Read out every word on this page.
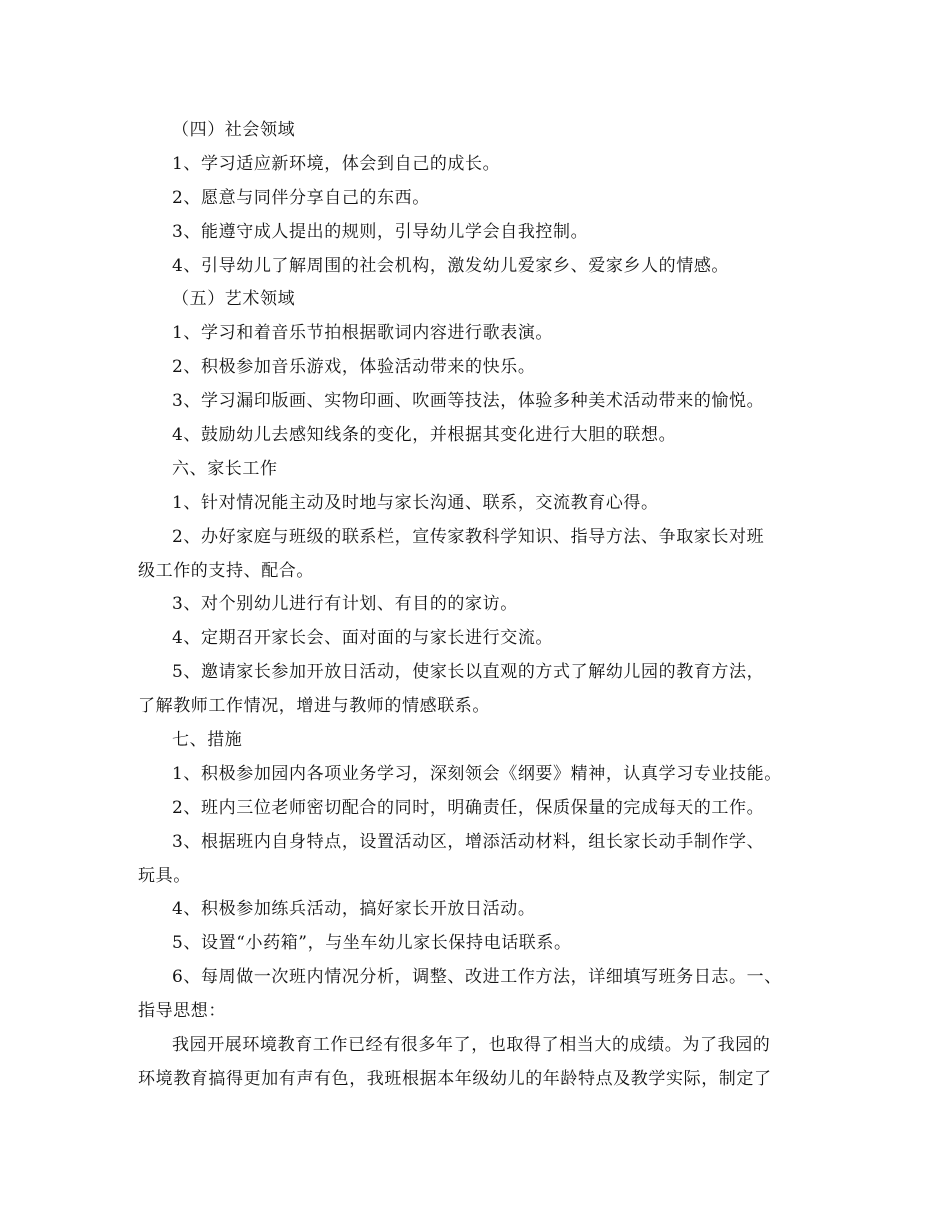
（四）社会领域
1、学习适应新环境，体会到自己的成长。
2、愿意与同伴分享自己的东西。
3、能遵守成人提出的规则，引导幼儿学会自我控制。
4、引导幼儿了解周围的社会机构，激发幼儿爱家乡、爱家乡人的情感。
（五）艺术领域
1、学习和着音乐节拍根据歌词内容进行歌表演。
2、积极参加音乐游戏，体验活动带来的快乐。
3、学习漏印版画、实物印画、吹画等技法，体验多种美术活动带来的愉悦。
4、鼓励幼儿去感知线条的变化，并根据其变化进行大胆的联想。
六、家长工作
1、针对情况能主动及时地与家长沟通、联系，交流教育心得。
2、办好家庭与班级的联系栏，宣传家教科学知识、指导方法、争取家长对班
级工作的支持、配合。
3、对个别幼儿进行有计划、有目的的家访。
4、定期召开家长会、面对面的与家长进行交流。
5、邀请家长参加开放日活动，使家长以直观的方式了解幼儿园的教育方法，
了解教师工作情况，增进与教师的情感联系。
七、措施
1、积极参加园内各项业务学习，深刻领会《纲要》精神，认真学习专业技能。
2、班内三位老师密切配合的同时，明确责任，保质保量的完成每天的工作。
3、根据班内自身特点，设置活动区，增添活动材料，组长家长动手制作学、
玩具。
4、积极参加练兵活动，搞好家长开放日活动。
5、设置“小药箱”，与坐车幼儿家长保持电话联系。
6、每周做一次班内情况分析，调整、改进工作方法，详细填写班务日志。一、
指导思想：
我园开展环境教育工作已经有很多年了，也取得了相当大的成绩。为了我园的
环境教育搞得更加有声有色，我班根据本年级幼儿的年龄特点及教学实际，制定了
